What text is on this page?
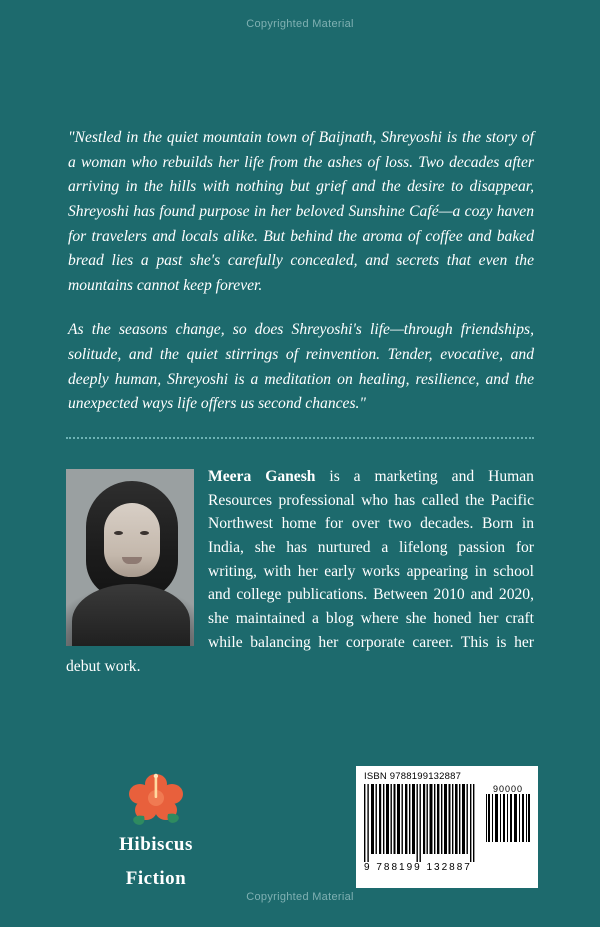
Copyrighted Material

"Nestled in the quiet mountain town of Baijnath, Shreyoshi is the story of a woman who rebuilds her life from the ashes of loss. Two decades after arriving in the hills with nothing but grief and the desire to disappear, Shreyoshi has found purpose in her beloved Sunshine Café—a cozy haven for travelers and locals alike. But behind the aroma of coffee and baked bread lies a past she's carefully concealed, and secrets that even the mountains cannot keep forever.

As the seasons change, so does Shreyoshi's life—through friendships, solitude, and the quiet stirrings of reinvention. Tender, evocative, and deeply human, Shreyoshi is a meditation on healing, resilience, and the unexpected ways life offers us second chances."

Meera Ganesh is a marketing and Human Resources professional who has called the Pacific Northwest home for over two decades. Born in India, she has nurtured a lifelong passion for writing, with her early works appearing in school and college publications. Between 2010 and 2020, she maintained a blog where she honed her craft while balancing her corporate career. This is her debut work.
Hibiscus
Fiction
ISBN 9788199132887
90000
9 788199 132887
Copyrighted Material
